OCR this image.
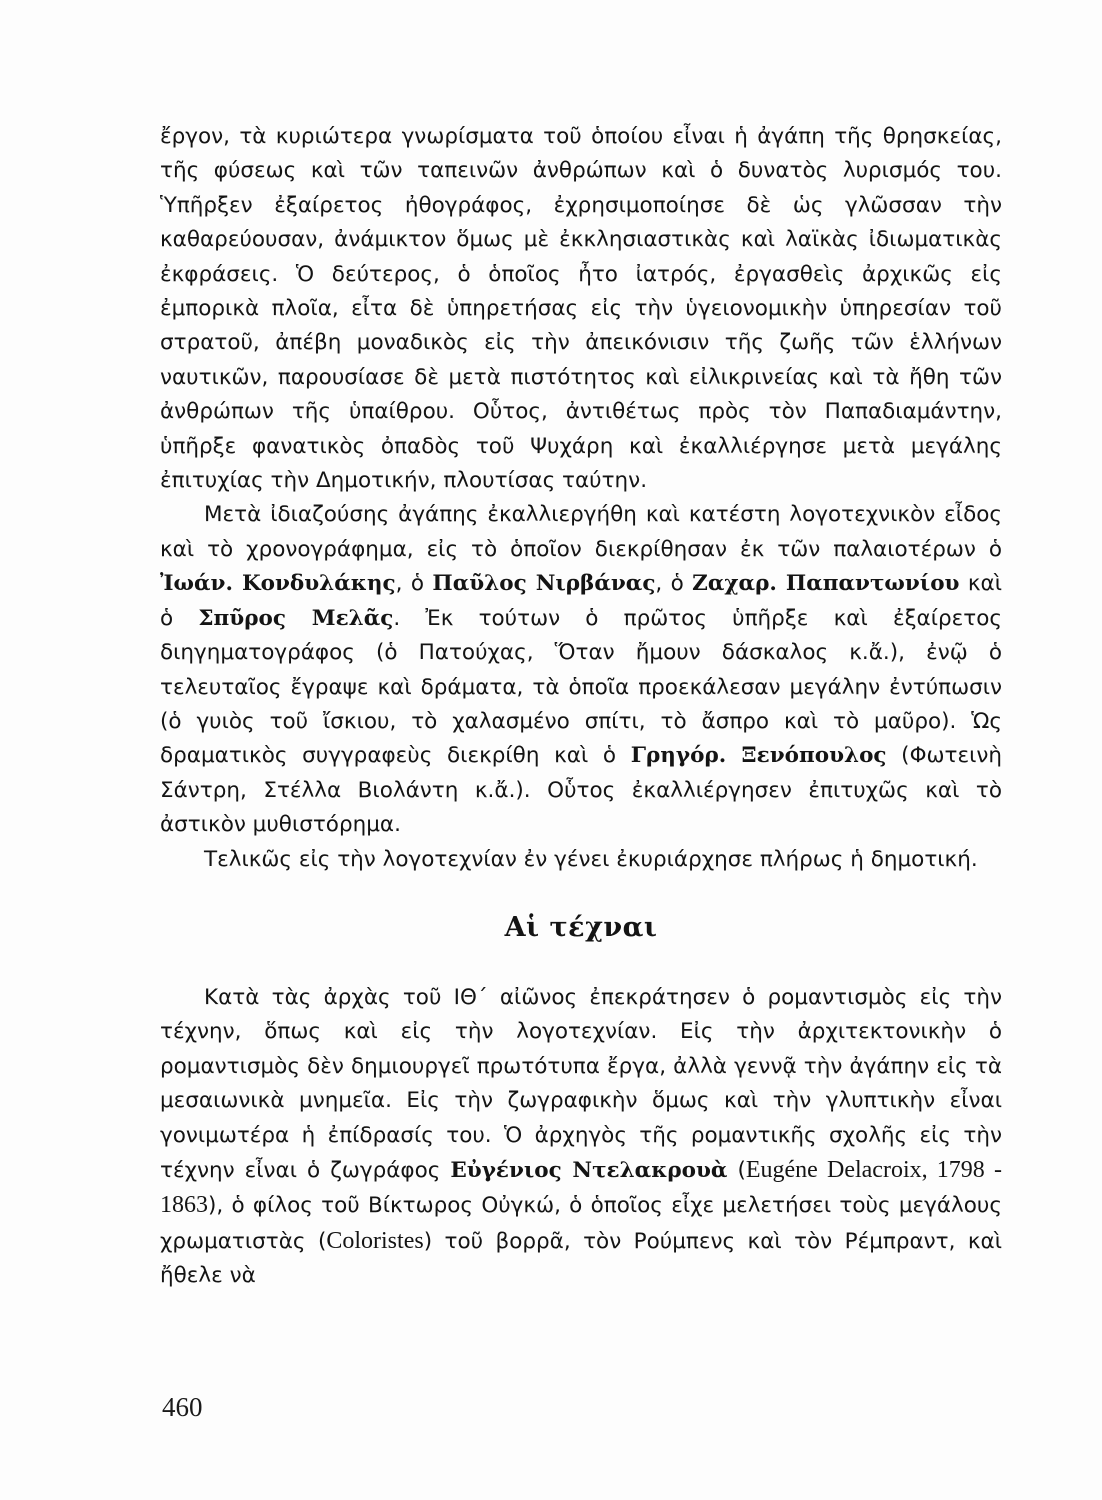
ἔργον, τὰ κυριώτερα γνωρίσματα τοῦ ὁποίου εἶναι ἡ ἀγάπη τῆς θρησκείας, τῆς φύσεως καὶ τῶν ταπεινῶν ἀνθρώπων καὶ ὁ δυνατὸς λυρισμός του. Ὑπῆρξεν ἐξαίρετος ἠθογράφος, ἐχρησιμοποίησε δὲ ὡς γλῶσσαν τὴν καθαρεύουσαν, ἀνάμικτον ὅμως μὲ ἐκκλησιαστικὰς καὶ λαϊκὰς ἰδιωματικὰς ἐκφράσεις. Ὁ δεύτερος, ὁ ὁποῖος ἦτο ἰατρός, ἐργασθεὶς ἀρχικῶς εἰς ἐμπορικὰ πλοῖα, εἶτα δὲ ὑπηρετήσας εἰς τὴν ὑγειονομικὴν ὑπηρεσίαν τοῦ στρατοῦ, ἀπέβη μοναδικὸς εἰς τὴν ἀπεικόνισιν τῆς ζωῆς τῶν ἑλλήνων ναυτικῶν, παρουσίασε δὲ μετὰ πιστότητος καὶ εἰλικρινείας καὶ τὰ ἤθη τῶν ἀνθρώπων τῆς ὑπαίθρου. Οὗτος, ἀντιθέτως πρὸς τὸν Παπαδιαμάντην, ὑπῆρξε φανατικὸς ὀπαδὸς τοῦ Ψυχάρη καὶ ἐκαλλιέργησε μετὰ μεγάλης ἐπιτυχίας τὴν Δημοτικήν, πλουτίσας ταύτην.

Μετὰ ἰδιαζούσης ἀγάπης ἐκαλλιεργήθη καὶ κατέστη λογοτεχνικὸν εἶδος καὶ τὸ χρονογράφημα, εἰς τὸ ὁποῖον διεκρίθησαν ἐκ τῶν παλαιοτέρων ὁ Ἰωάν. Κονδυλάκης, ὁ Παῦλος Νιρβάνας, ὁ Ζαχαρ. Παπαντωνίου καὶ ὁ Σπῦρος Μελᾶς. Ἐκ τούτων ὁ πρῶτος ὑπῆρξε καὶ ἐξαίρετος διηγηματογράφος (ὁ Πατούχας, Ὅταν ἤμουν δάσκαλος κ.ἄ.), ἐνῷ ὁ τελευταῖος ἔγραψε καὶ δράματα, τὰ ὁποῖα προεκάλεσαν μεγάλην ἐντύπωσιν (ὁ γυιὸς τοῦ ἴσκιου, τὸ χαλασμένο σπίτι, τὸ ἄσπρο καὶ τὸ μαῦρο). Ὡς δραματικὸς συγγραφεὺς διεκρίθη καὶ ὁ Γρηγόρ. Ξενόπουλος (Φωτεινὴ Σάντρη, Στέλλα Βιολάντη κ.ἄ.). Οὗτος ἐκαλλιέργησεν ἐπιτυχῶς καὶ τὸ ἀστικὸν μυθιστόρημα.

Τελικῶς εἰς τὴν λογοτεχνίαν ἐν γένει ἐκυριάρχησε πλήρως ἡ δημοτική.

Αἱ τέχναι

Κατὰ τὰς ἀρχὰς τοῦ ΙΘ΄ αἰῶνος ἐπεκράτησεν ὁ ρομαντισμὸς εἰς τὴν τέχνην, ὅπως καὶ εἰς τὴν λογοτεχνίαν. Εἰς τὴν ἀρχιτεκτονικὴν ὁ ρομαντισμὸς δὲν δημιουργεῖ πρωτότυπα ἔργα, ἀλλὰ γεννᾷ τὴν ἀγάπην εἰς τὰ μεσαιωνικὰ μνημεῖα. Εἰς τὴν ζωγραφικὴν ὅμως καὶ τὴν γλυπτικὴν εἶναι γονιμωτέρα ἡ ἐπίδρασίς του. Ὁ ἀρχηγὸς τῆς ρομαντικῆς σχολῆς εἰς τὴν τέχνην εἶναι ὁ ζωγράφος Εὐγένιος Ντελακρουὰ (Eugéne Delacroix, 1798 - 1863), ὁ φίλος τοῦ Βίκτωρος Οὐγκώ, ὁ ὁποῖος εἶχε μελετήσει τοὺς μεγάλους χρωματιστὰς (Coloristes) τοῦ βορρᾶ, τὸν Ρούμπενς καὶ τὸν Ρέμπραντ, καὶ ἤθελε νὰ

460
